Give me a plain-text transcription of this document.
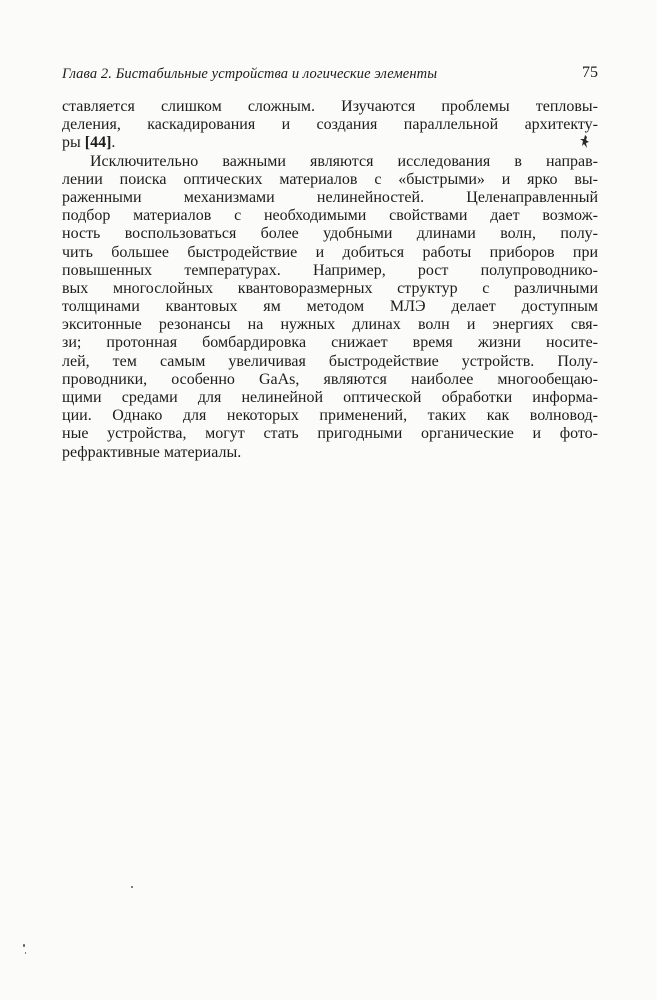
Глава 2. Бистабильные устройства и логические элементы	75
ставляется слишком сложным. Изучаются проблемы тепловы-
деления, каскадирования и создания параллельной архитекту-
ры [44].
Исключительно важными являются исследования в направ-
лении поиска оптических материалов с «быстрыми» и ярко вы-
раженными механизмами нелинейностей. Целенаправленный
подбор материалов с необходимыми свойствами дает возмож-
ность воспользоваться более удобными длинами волн, полу-
чить большее быстродействие и добиться работы приборов при
повышенных температурах. Например, рост полупроводнико-
вых многослойных квантоворазмерных структур с различными
толщинами квантовых ям методом МЛЭ делает доступным
экситонные резонансы на нужных длинах волн и энергиях свя-
зи; протонная бомбардировка снижает время жизни носите-
лей, тем самым увеличивая быстродействие устройств. Полу-
проводники, особенно GaAs, являются наиболее многообещаю-
щими средами для нелинейной оптической обработки информа-
ции. Однако для некоторых применений, таких как волновод-
ные устройства, могут стать пригодными органические и фото-
рефрактивные материалы.
